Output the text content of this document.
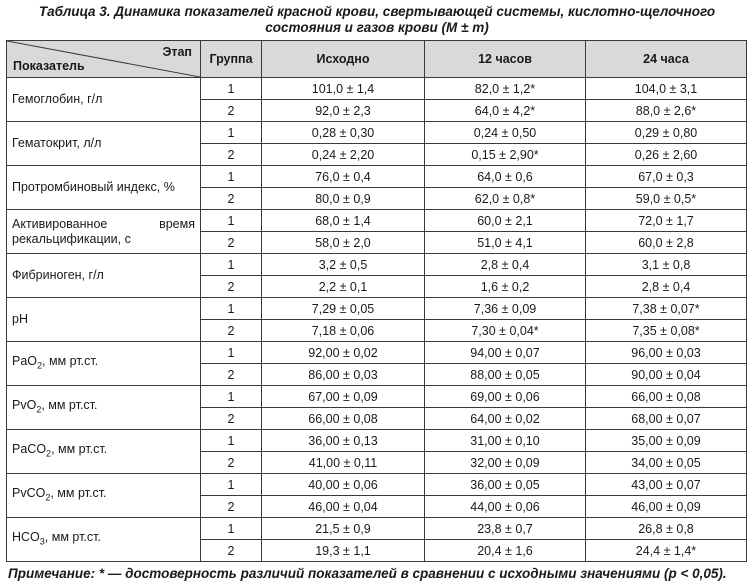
Таблица 3. Динамика показателей красной крови, свертывающей системы, кислотно-щелочного
состояния и газов крови (М ± m)
Этап
Показатель	Группа	Исходно	12 часов	24 часа
Гемоглобин, г/л	1	101,0 ± 1,4	82,0 ± 1,2*	104,0 ± 3,1
	2	92,0 ± 2,3	64,0 ± 4,2*	88,0 ± 2,6*
Гематокрит, л/л	1	0,28 ± 0,30	0,24 ± 0,50	0,29 ± 0,80
	2	0,24 ± 2,20	0,15 ± 2,90*	0,26 ± 2,60
Протромбиновый индекс, %	1	76,0 ± 0,4	64,0 ± 0,6	67,0 ± 0,3
	2	80,0 ± 0,9	62,0 ± 0,8*	59,0 ± 0,5*
Активированное время рекальцификации, с	1	68,0 ± 1,4	60,0 ± 2,1	72,0 ± 1,7
	2	58,0 ± 2,0	51,0 ± 4,1	60,0 ± 2,8
Фибриноген, г/л	1	3,2 ± 0,5	2,8 ± 0,4	3,1 ± 0,8
	2	2,2 ± 0,1	1,6 ± 0,2	2,8 ± 0,4
pH	1	7,29 ± 0,05	7,36 ± 0,09	7,38 ± 0,07*
	2	7,18 ± 0,06	7,30 ± 0,04*	7,35 ± 0,08*
PaO$_2$, мм рт.ст.	1	92,00 ± 0,02	94,00 ± 0,07	96,00 ± 0,03
	2	86,00 ± 0,03	88,00 ± 0,05	90,00 ± 0,04
PvO$_2$, мм рт.ст.	1	67,00 ± 0,09	69,00 ± 0,06	66,00 ± 0,08
	2	66,00 ± 0,08	64,00 ± 0,02	68,00 ± 0,07
PaCO$_2$, мм рт.ст.	1	36,00 ± 0,13	31,00 ± 0,10	35,00 ± 0,09
	2	41,00 ± 0,11	32,00 ± 0,09	34,00 ± 0,05
PvCO$_2$, мм рт.ст.	1	40,00 ± 0,06	36,00 ± 0,05	43,00 ± 0,07
	2	46,00 ± 0,04	44,00 ± 0,06	46,00 ± 0,09
$HCO_3$, мм рт.ст.	1	21,5 ± 0,9	23,8 ± 0,7	26,8 ± 0,8
	2	19,3 ± 1,1	20,4 ± 1,6	24,4 ± 1,4*
Примечание: * — достоверность различий показателей в сравнении с исходными значениями (p < 0,05).
